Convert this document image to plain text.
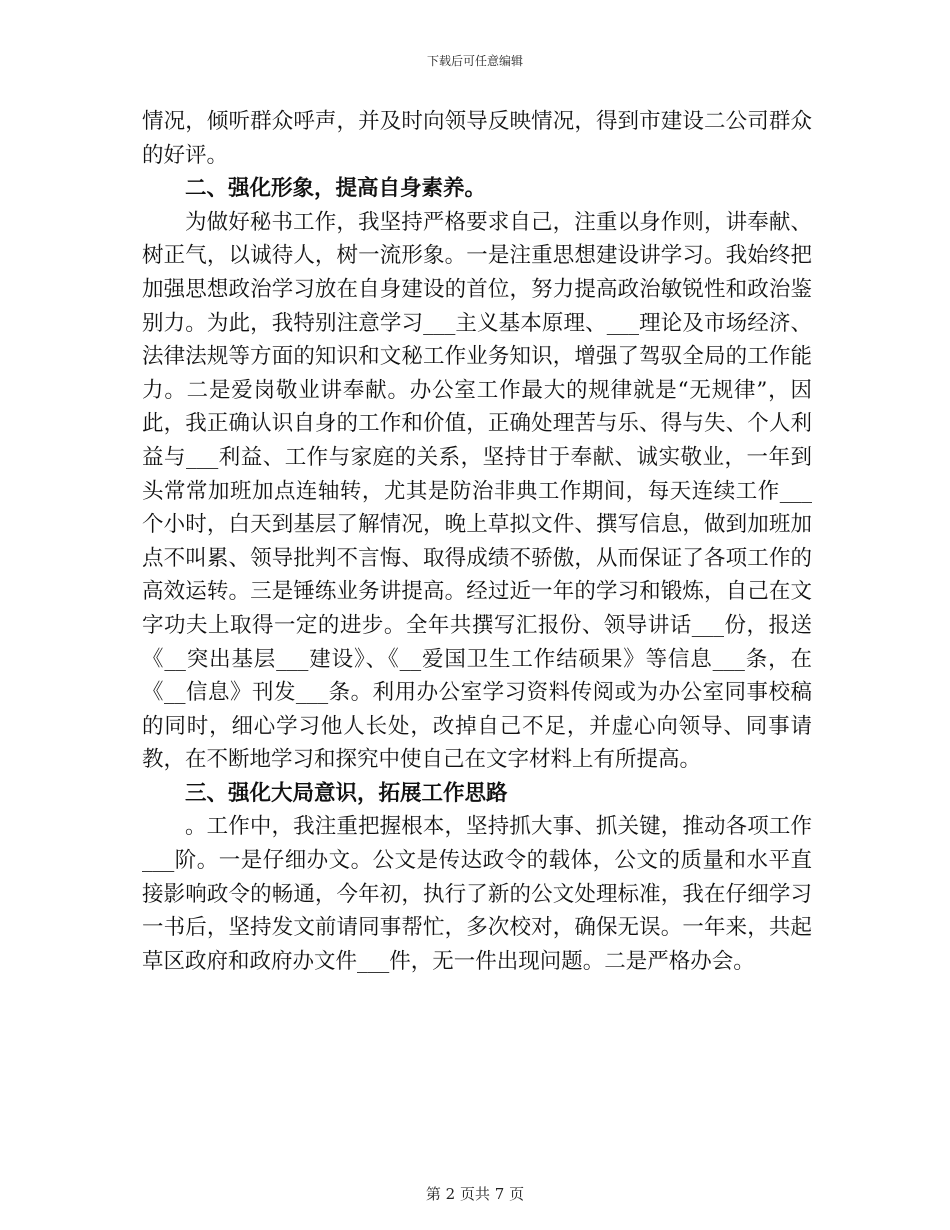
下载后可任意编辑

情况，倾听群众呼声，并及时向领导反映情况，得到市建设二公司群众的好评。

二、强化形象，提高自身素养。

为做好秘书工作，我坚持严格要求自己，注重以身作则，讲奉献、树正气，以诚待人，树一流形象。一是注重思想建设讲学习。我始终把加强思想政治学习放在自身建设的首位，努力提高政治敏锐性和政治鉴别力。为此，我特别注意学习___主义基本原理、___理论及市场经济、法律法规等方面的知识和文秘工作业务知识，增强了驾驭全局的工作能力。二是爱岗敬业讲奉献。办公室工作最大的规律就是“无规律”，因此，我正确认识自身的工作和价值，正确处理苦与乐、得与失、个人利益与___利益、工作与家庭的关系，坚持甘于奉献、诚实敬业，一年到头常常加班加点连轴转，尤其是防治非典工作期间，每天连续工作___个小时，白天到基层了解情况，晚上草拟文件、撰写信息，做到加班加点不叫累、领导批判不言悔、取得成绩不骄傲，从而保证了各项工作的高效运转。三是锤练业务讲提高。经过近一年的学习和锻炼，自己在文字功夫上取得一定的进步。全年共撰写汇报份、领导讲话___份，报送《__突出基层___建设》、《__爱国卫生工作结硕果》等信息___条，在《__信息》刊发___条。利用办公室学习资料传阅或为办公室同事校稿的同时，细心学习他人长处，改掉自己不足，并虚心向领导、同事请教，在不断地学习和探究中使自己在文字材料上有所提高。

三、强化大局意识，拓展工作思路

。工作中，我注重把握根本，坚持抓大事、抓关键，推动各项工作___阶。一是仔细办文。公文是传达政令的载体，公文的质量和水平直接影响政令的畅通，今年初，执行了新的公文处理标准，我在仔细学习一书后，坚持发文前请同事帮忙，多次校对，确保无误。一年来，共起草区政府和政府办文件___件，无一件出现问题。二是严格办会。

第 2 页共 7 页
